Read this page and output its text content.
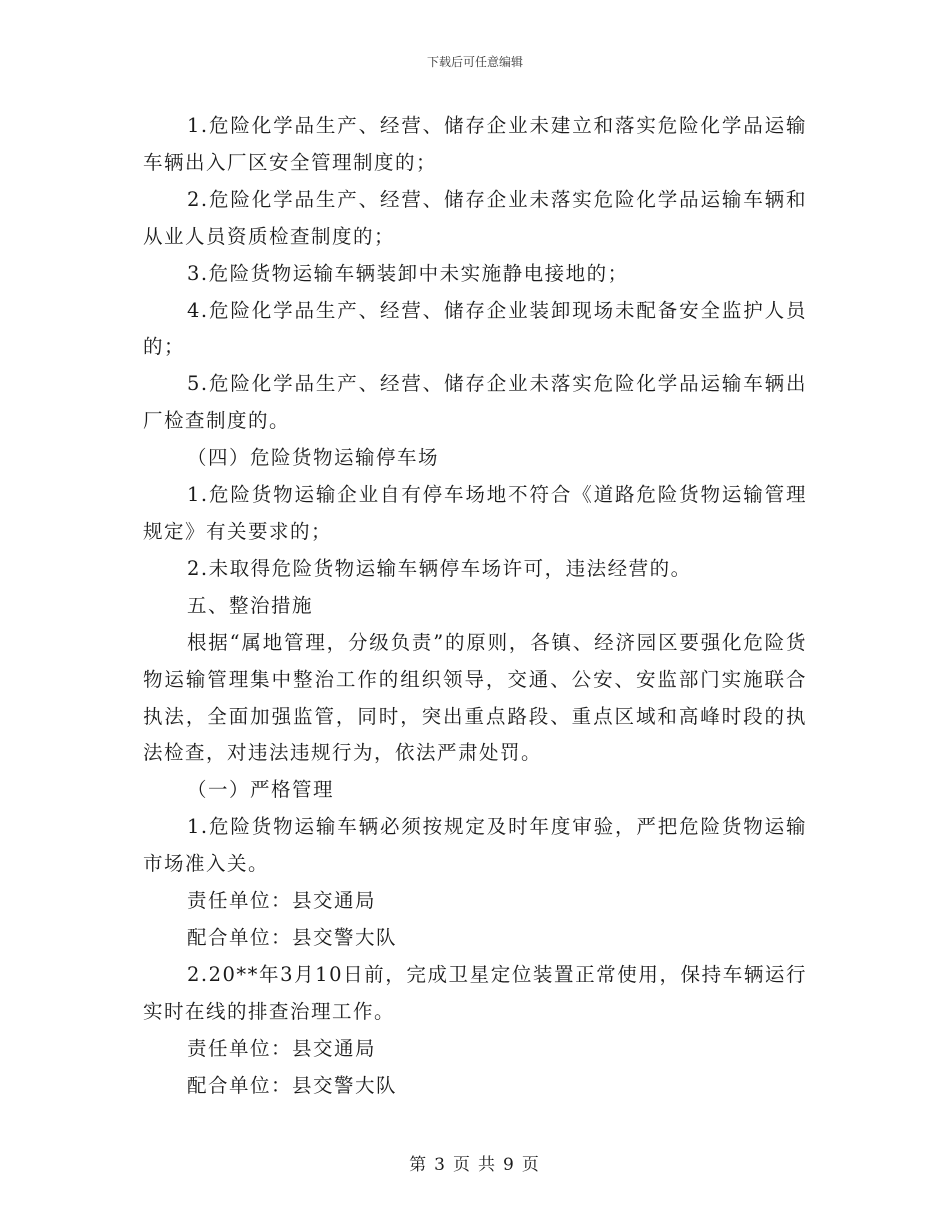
下载后可任意编辑

1.危险化学品生产、经营、储存企业未建立和落实危险化学品运输车辆出入厂区安全管理制度的；

2.危险化学品生产、经营、储存企业未落实危险化学品运输车辆和从业人员资质检查制度的；

3.危险货物运输车辆装卸中未实施静电接地的；

4.危险化学品生产、经营、储存企业装卸现场未配备安全监护人员的；

5.危险化学品生产、经营、储存企业未落实危险化学品运输车辆出厂检查制度的。

（四）危险货物运输停车场

1.危险货物运输企业自有停车场地不符合《道路危险货物运输管理规定》有关要求的；

2.未取得危险货物运输车辆停车场许可，违法经营的。

五、整治措施

根据“属地管理，分级负责”的原则，各镇、经济园区要强化危险货物运输管理集中整治工作的组织领导，交通、公安、安监部门实施联合执法，全面加强监管，同时，突出重点路段、重点区域和高峰时段的执法检查，对违法违规行为，依法严肃处罚。

（一）严格管理

1.危险货物运输车辆必须按规定及时年度审验，严把危险货物运输市场准入关。

责任单位：县交通局

配合单位：县交警大队

2.20**年3月10日前，完成卫星定位装置正常使用，保持车辆运行实时在线的排查治理工作。

责任单位：县交通局

配合单位：县交警大队

第 3 页 共 9 页
